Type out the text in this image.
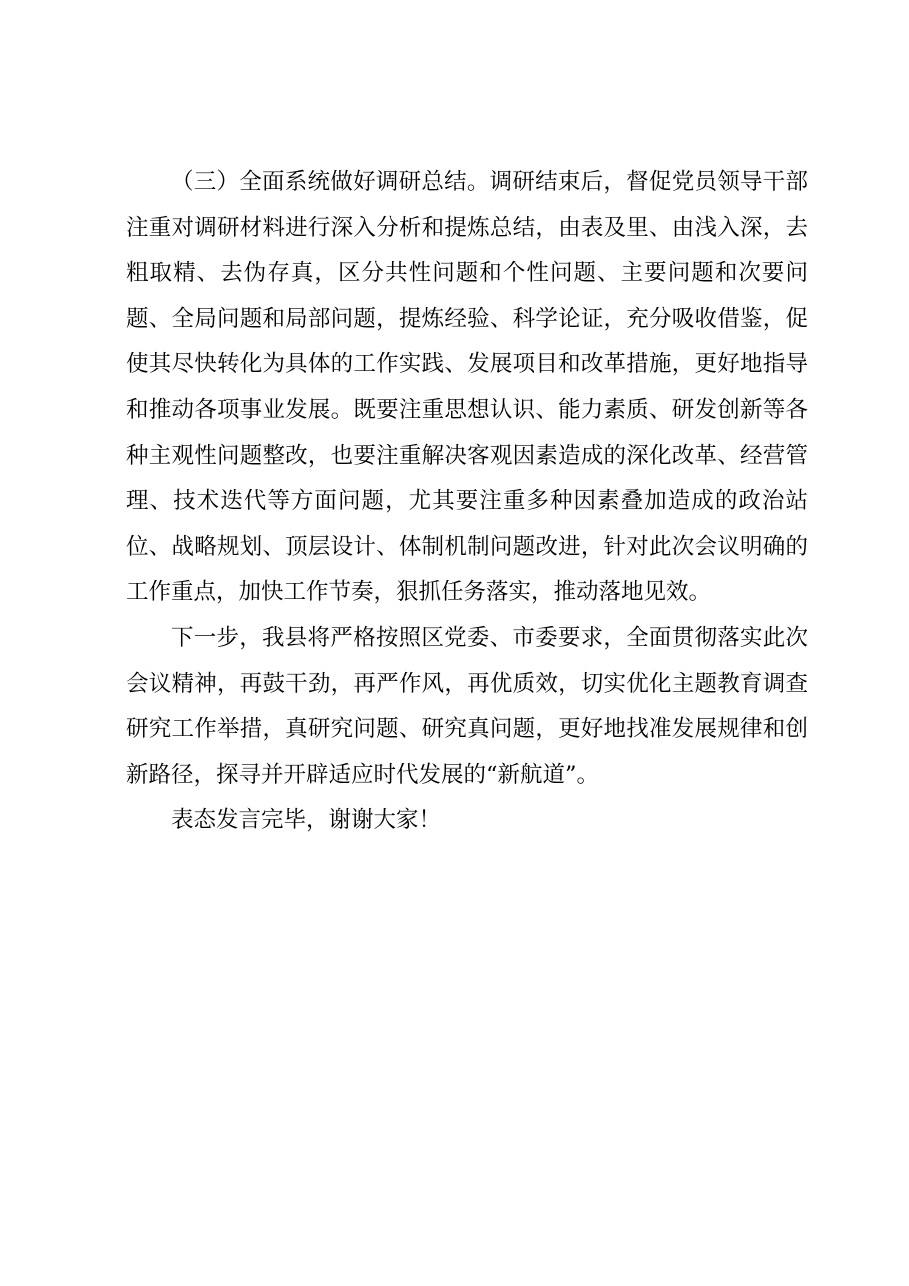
（三）全面系统做好调研总结。调研结束后，督促党员领导干部注重对调研材料进行深入分析和提炼总结，由表及里、由浅入深，去粗取精、去伪存真，区分共性问题和个性问题、主要问题和次要问题、全局问题和局部问题，提炼经验、科学论证，充分吸收借鉴，促使其尽快转化为具体的工作实践、发展项目和改革措施，更好地指导和推动各项事业发展。既要注重思想认识、能力素质、研发创新等各种主观性问题整改，也要注重解决客观因素造成的深化改革、经营管理、技术迭代等方面问题，尤其要注重多种因素叠加造成的政治站位、战略规划、顶层设计、体制机制问题改进，针对此次会议明确的工作重点，加快工作节奏，狠抓任务落实，推动落地见效。

下一步，我县将严格按照区党委、市委要求，全面贯彻落实此次会议精神，再鼓干劲，再严作风，再优质效，切实优化主题教育调查研究工作举措，真研究问题、研究真问题，更好地找准发展规律和创新路径，探寻并开辟适应时代发展的“新航道”。

表态发言完毕，谢谢大家！
